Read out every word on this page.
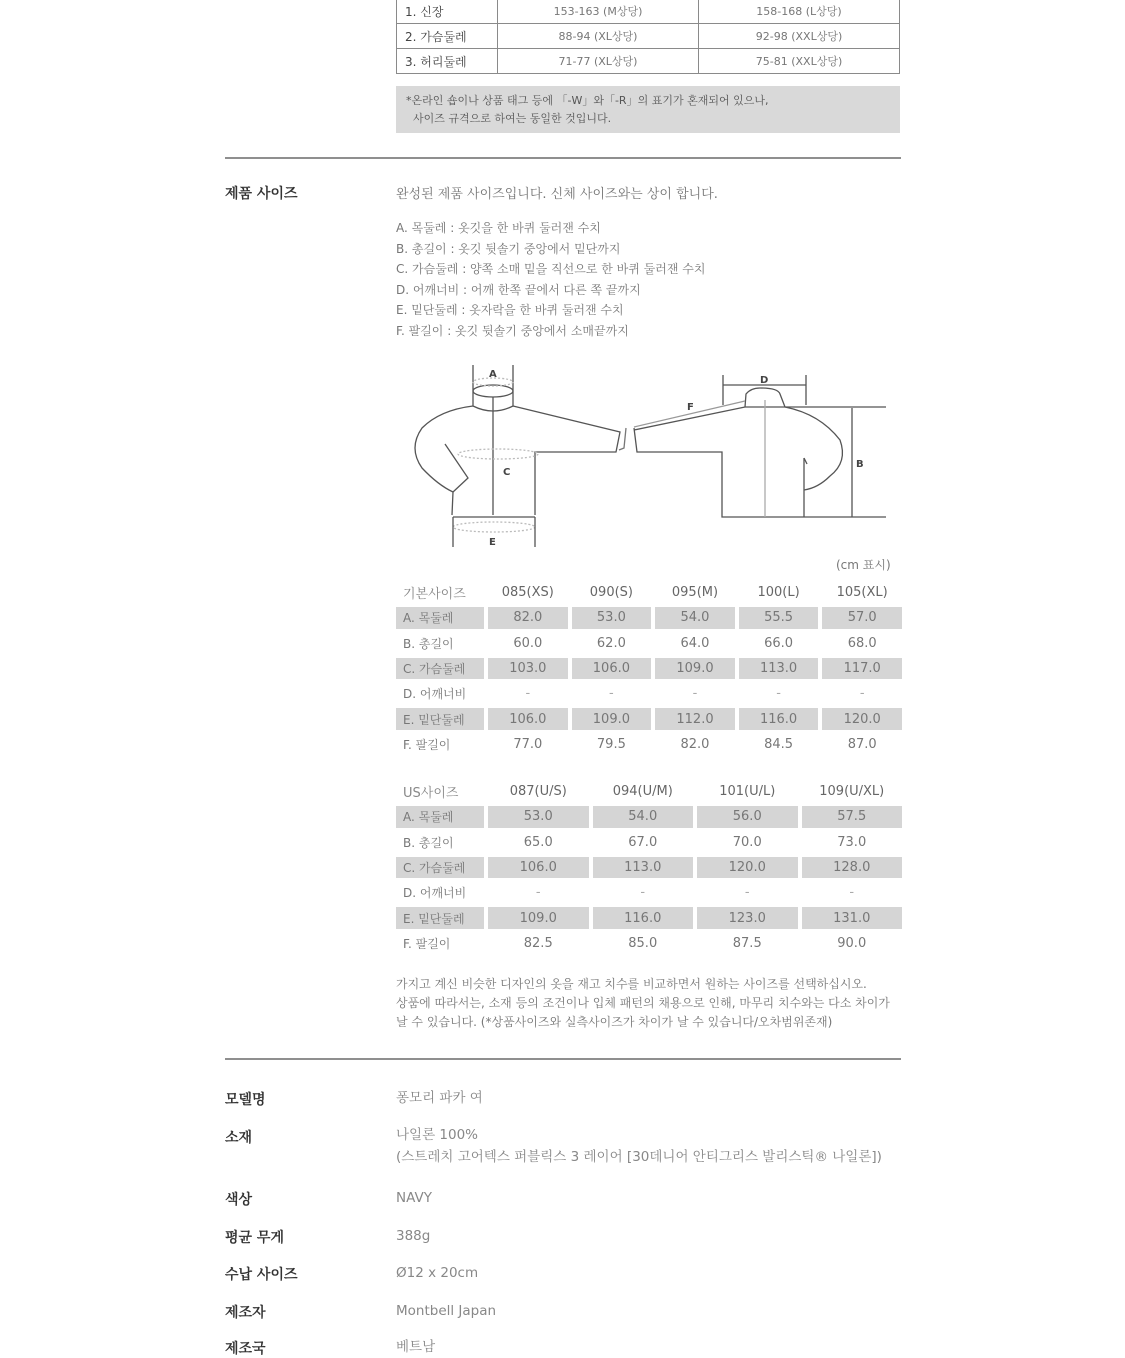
1. 신장	153-163 (M상당)	158-168 (L상당)
2. 가슴둘레	88-94 (XL상당)	92-98 (XXL상당)
3. 허리둘레	71-77 (XL상당)	75-81 (XXL상당)
*온라인 숍이나 상품 태그 등에 「-W」와「-R」의 표기가 혼재되어 있으나,
사이즈 규격으로 하여는 동일한 것입니다.
제품 사이즈	완성된 제품 사이즈입니다. 신체 사이즈와는 상이 합니다.
A. 목둘레 : 옷깃을 한 바퀴 둘러잰 수치
B. 총길이 : 옷깃 뒷솔기 중앙에서 밑단까지
C. 가슴둘레 : 양쪽 소매 밑을 직선으로 한 바퀴 둘러잰 수치
D. 어깨너비 : 어깨 한쪽 끝에서 다른 쪽 끝까지
E. 밑단둘레 : 옷자락을 한 바퀴 둘러잰 수치
F. 팔길이 : 옷깃 뒷솔기 중앙에서 소매끝까지
A
C
E
D
F
B
(cm 표시)
기본사이즈	085(XS)	090(S)	095(M)	100(L)	105(XL)
A. 목둘레	82.0	53.0	54.0	55.5	57.0
B. 총길이	60.0	62.0	64.0	66.0	68.0
C. 가슴둘레	103.0	106.0	109.0	113.0	117.0
D. 어깨너비	-	-	-	-	-
E. 밑단둘레	106.0	109.0	112.0	116.0	120.0
F. 팔길이	77.0	79.5	82.0	84.5	87.0
US사이즈	087(U/S)	094(U/M)	101(U/L)	109(U/XL)
A. 목둘레	53.0	54.0	56.0	57.5
B. 총길이	65.0	67.0	70.0	73.0
C. 가슴둘레	106.0	113.0	120.0	128.0
D. 어깨너비	-	-	-	-
E. 밑단둘레	109.0	116.0	123.0	131.0
F. 팔길이	82.5	85.0	87.5	90.0
가지고 계신 비슷한 디자인의 옷을 재고 치수를 비교하면서 원하는 사이즈를 선택하십시오.
상품에 따라서는, 소재 등의 조건이나 입체 패턴의 채용으로 인해, 마무리 치수와는 다소 차이가
날 수 있습니다. (*상품사이즈와 실측사이즈가 차이가 날 수 있습니다/오차범위존재)
모델명	퐁모리 파카 여
소재	나일론 100%
(스트레치 고어텍스 퍼블릭스 3 레이어 [30데니어 안티그리스 발리스틱® 나일론])
색상	NAVY
평균 무게	388g
수납 사이즈	Ø12 x 20cm
제조자	Montbell Japan
제조국	베트남
